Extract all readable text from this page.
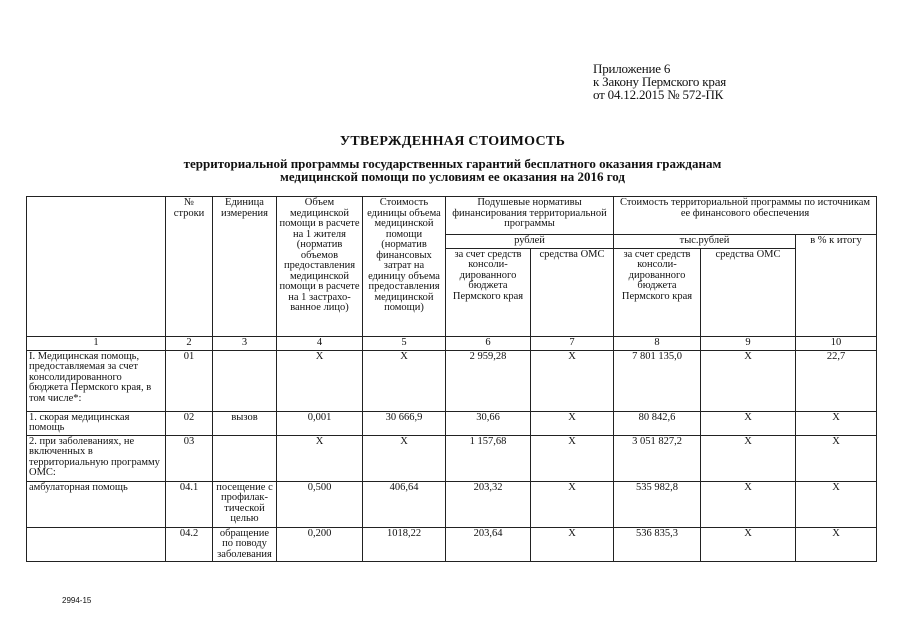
Приложение 6
к Закону Пермского края
от 04.12.2015 № 572-ПК
УТВЕРЖДЕННАЯ СТОИМОСТЬ
территориальной программы государственных гарантий бесплатного оказания гражданам
медицинской помощи по условиям ее оказания на 2016 год
	№ строки	Единица измерения	Объем медицинской помощи в расчете на 1 жителя (норматив объемов предоставления медицинской помощи в расчете на 1 застрахо-ванное лицо)	Стоимость единицы объема медицинской помощи (норматив финансовых затрат на единицу объема предоставления медицинской помощи)	Подушевые нормативы финансирования территориальной программы		Стоимость территориальной программы по источникам ее финансового обеспечения		
					рублей		тыс.рублей		в % к итогу
					за счет средств консоли-дированного бюджета Пермского края	средства ОМС	за счет средств консоли-дированного бюджета Пермского края	средства ОМС	
1	2	3	4	5	6	7	8	9	10
I. Медицинская помощь, предоставляемая за счет консолидированного бюджета Пермского края, в том числе*:	01		X	X	2 959,28	X	7 801 135,0	X	22,7
1. скорая медицинская помощь	02	вызов	0,001	30 666,9	30,66	X	80 842,6	X	X
2. при заболеваниях, не включенных в территориальную программу ОМС:	03		X	X	1 157,68	X	3 051 827,2	X	X
амбулаторная помощь	04.1	посещение с профилак-тической целью	0,500	406,64	203,32	X	535 982,8	X	X
	04.2	обращение по поводу заболевания	0,200	1018,22	203,64	X	536 835,3	X	X
2994-15
